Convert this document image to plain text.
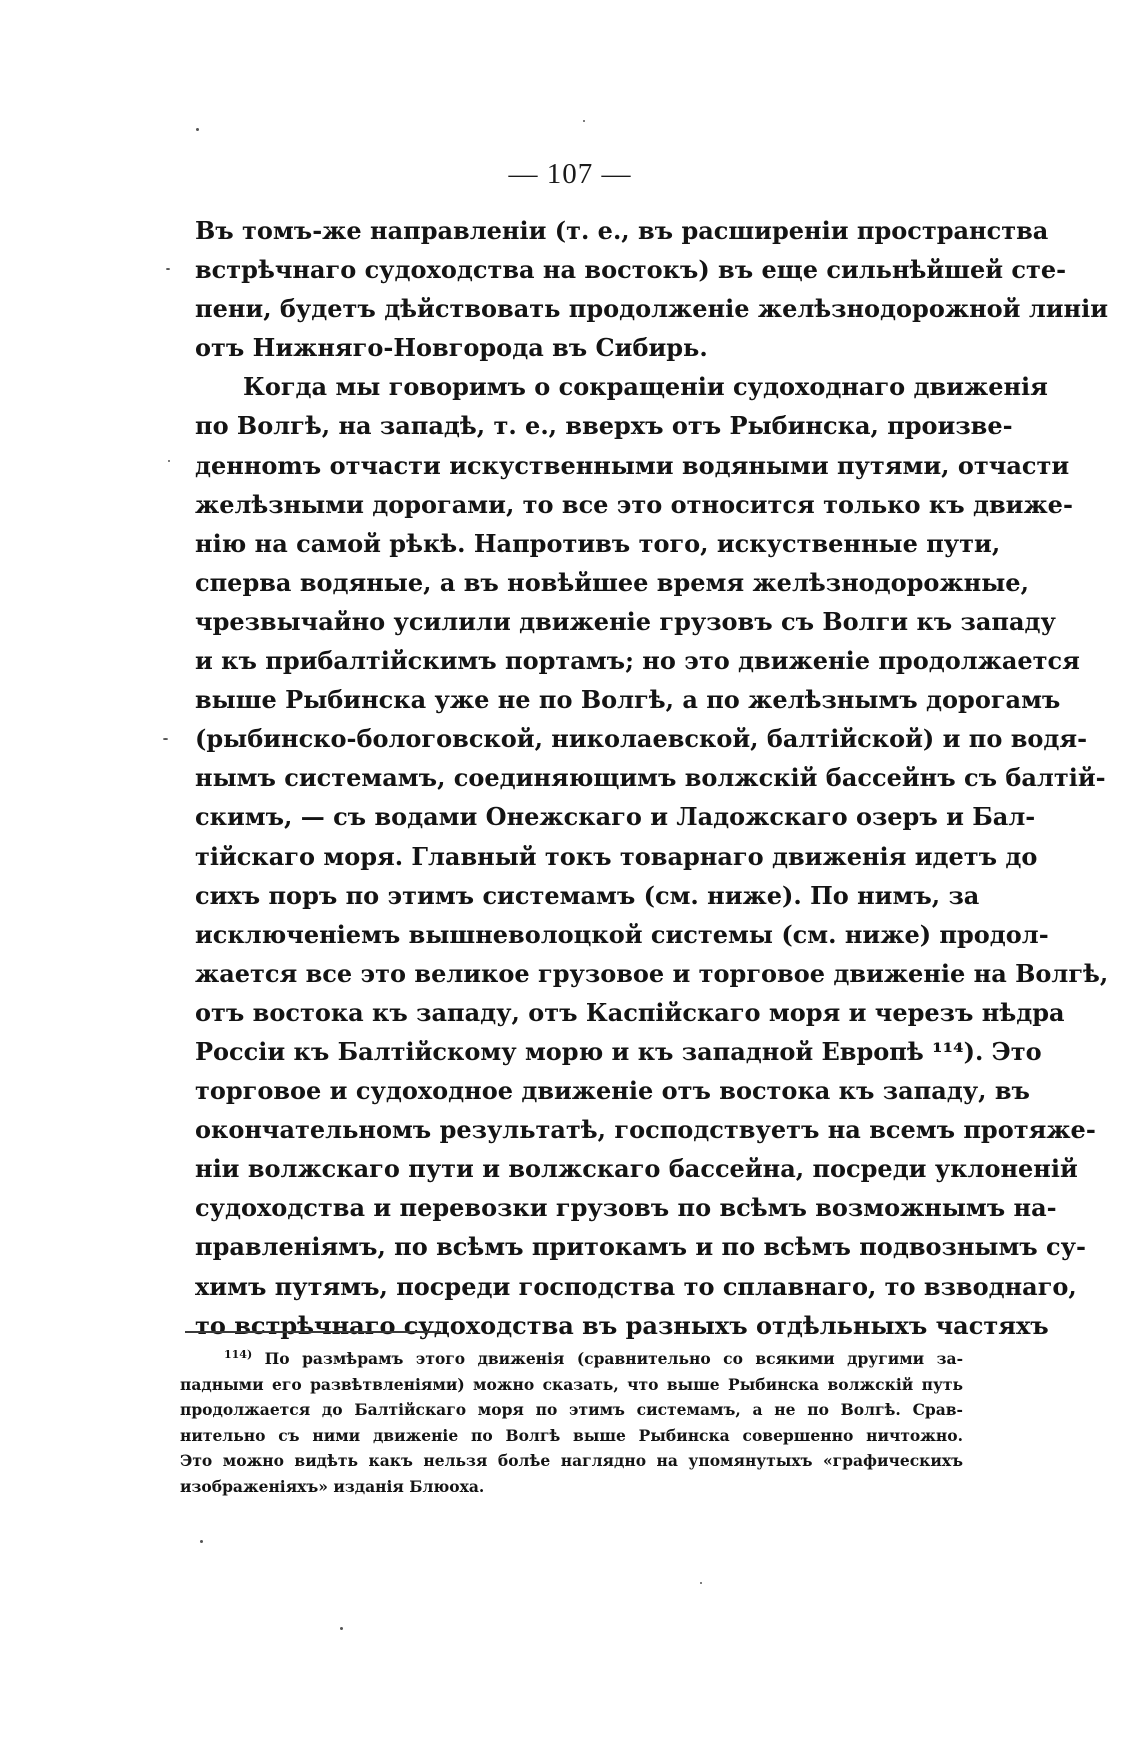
— 107 —
Въ томъ-же направленіи (т. е., въ расширеніи пространства
встрѣчнаго судоходства на востокъ) въ еще сильнѣйшей сте-
пени, будетъ дѣйствовать продолженіе желѣзнодорожной линіи
отъ Нижняго-Новгорода въ Сибирь.
Когда мы говоримъ о сокращеніи судоходнаго движенія
по Волгѣ, на западѣ, т. е., вверхъ отъ Рыбинска, произве-
деннomъ отчасти искуственными водяными путями, отчасти
желѣзными дорогами, то все это относится только къ движе-
нію на самой рѣкѣ. Напротивъ того, искуственные пути,
сперва водяные, а въ новѣйшее время желѣзнодорожные,
чрезвычайно усилили движеніе грузовъ съ Волги къ западу
и къ прибалтійскимъ портамъ; но это движеніе продолжается
выше Рыбинска уже не по Волгѣ, а по желѣзнымъ дорогамъ
(рыбинско-бологовской, николаевской, балтійской) и по водя-
нымъ системамъ, соединяющимъ волжскій бассейнъ съ балтій-
скимъ, — съ водами Онежскаго и Ладожскаго озеръ и Бал-
тійскаго моря. Главный токъ товарнаго движенія идетъ до
сихъ поръ по этимъ системамъ (см. ниже). По нимъ, за
исключеніемъ вышневолоцкой системы (см. ниже) продол-
жается все это великое грузовое и торговое движеніе на Волгѣ,
отъ востока къ западу, отъ Каспійскаго моря и черезъ нѣдра
Россіи къ Балтійскому морю и къ западной Европѣ ¹¹⁴). Это
торговое и судоходное движеніе отъ востока къ западу, въ
окончательномъ результатѣ, господствуетъ на всемъ протяже-
ніи волжскаго пути и волжскаго бассейна, посреди уклоненій
судоходства и перевозки грузовъ по всѣмъ возможнымъ на-
правленіямъ, по всѣмъ притокамъ и по всѣмъ подвознымъ су-
химъ путямъ, посреди господства то сплавнаго, то взводнаго,
то встрѣчнаго судоходства въ разныхъ отдѣльныхъ частяхъ
$^{114)}$ По размѣрамъ этого движенія (сравнительно со всякими другими за-
падными его развѣтвленіями) можно сказать, что выше Рыбинска волжскій путь
продолжается до Балтійскаго моря по этимъ системамъ, а не по Волгѣ. Срав-
нительно съ ними движеніе по Волгѣ выше Рыбинска совершенно ничтожно.
Это можно видѣть какъ нельзя болѣе наглядно на упомянутыхъ «графическихъ
изображеніяхъ» изданія Блюоха.
